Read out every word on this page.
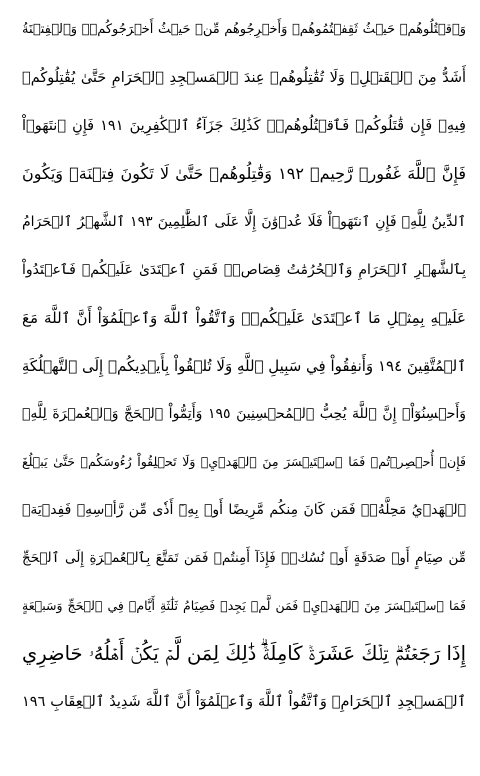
وَٱقۡتُلُوهُمۡ حَيۡثُ ثَقِفۡتُمُوهُمۡ وَأَخۡرِجُوهُم مِّنۡ حَيۡثُ أَخۡرَجُوكُمۡۚ وَٱلۡفِتۡنَةُ
أَشَدُّ مِنَ ٱلۡقَتۡلِۚ وَلَا تُقَٰتِلُوهُمۡ عِندَ ٱلۡمَسۡجِدِ ٱلۡحَرَامِ حَتَّىٰ يُقَٰتِلُوكُمۡ
فِيهِۖ فَإِن قَٰتَلُوكُمۡ فَٱقۡتُلُوهُمۡۗ كَذَٰلِكَ جَزَآءُ ٱلۡكَٰفِرِينَ ١٩١ فَإِنِ ٱنتَهَوۡاْ
فَإِنَّ ٱللَّهَ غَفُورٞ رَّحِيمٞ ١٩٢ وَقَٰتِلُوهُمۡ حَتَّىٰ لَا تَكُونَ فِتۡنَةٞ وَيَكُونَ
ٱلدِّينُ لِلَّهِۖ فَإِنِ ٱنتَهَوۡاْ فَلَا عُدۡوَٰنَ إِلَّا عَلَى ٱلظَّٰلِمِينَ ١٩٣ ٱلشَّهۡرُ ٱلۡحَرَامُ
بِٱلشَّهۡرِ ٱلۡحَرَامِ وَٱلۡحُرُمَٰتُ قِصَاصٞۚ فَمَنِ ٱعۡتَدَىٰ عَلَيۡكُمۡ فَٱعۡتَدُواْ
عَلَيۡهِ بِمِثۡلِ مَا ٱعۡتَدَىٰ عَلَيۡكُمۡۚ وَٱتَّقُواْ ٱللَّهَ وَٱعۡلَمُوٓاْ أَنَّ ٱللَّهَ مَعَ
ٱلۡمُتَّقِينَ ١٩٤ وَأَنفِقُواْ فِي سَبِيلِ ٱللَّهِ وَلَا تُلۡقُواْ بِأَيۡدِيكُمۡ إِلَى ٱلتَّهۡلُكَةِ
وَأَحۡسِنُوٓاْۚ إِنَّ ٱللَّهَ يُحِبُّ ٱلۡمُحۡسِنِينَ ١٩٥ وَأَتِمُّواْ ٱلۡحَجَّ وَٱلۡعُمۡرَةَ لِلَّهِۚ
فَإِنۡ أُحۡصِرۡتُمۡ فَمَا ٱسۡتَيۡسَرَ مِنَ ٱلۡهَدۡيِۖ وَلَا تَحۡلِقُواْ رُءُوسَكُمۡ حَتَّىٰ يَبۡلُغَ
ٱلۡهَدۡيُ مَحِلَّهُۥۚ فَمَن كَانَ مِنكُم مَّرِيضًا أَوۡ بِهِۦٓ أَذٗى مِّن رَّأۡسِهِۦ فَفِدۡيَةٞ
مِّن صِيَامٍ أَوۡ صَدَقَةٍ أَوۡ نُسُكٖۚ فَإِذَآ أَمِنتُمۡ فَمَن تَمَتَّعَ بِٱلۡعُمۡرَةِ إِلَى ٱلۡحَجِّ
فَمَا ٱسۡتَيۡسَرَ مِنَ ٱلۡهَدۡيِۚ فَمَن لَّمۡ يَجِدۡ فَصِيَامُ ثَلَٰثَةِ أَيَّامٖ فِي ٱلۡحَجِّ وَسَبۡعَةٍ
إِذَا رَجَعۡتُمۡۗ تِلۡكَ عَشَرَةٞ كَامِلَةٞۗ ذَٰلِكَ لِمَن لَّمۡ يَكُنۡ أَهۡلُهُۥ حَاضِرِي
ٱلۡمَسۡجِدِ ٱلۡحَرَامِۚ وَٱتَّقُواْ ٱللَّهَ وَٱعۡلَمُوٓاْ أَنَّ ٱللَّهَ شَدِيدُ ٱلۡعِقَابِ ١٩٦
